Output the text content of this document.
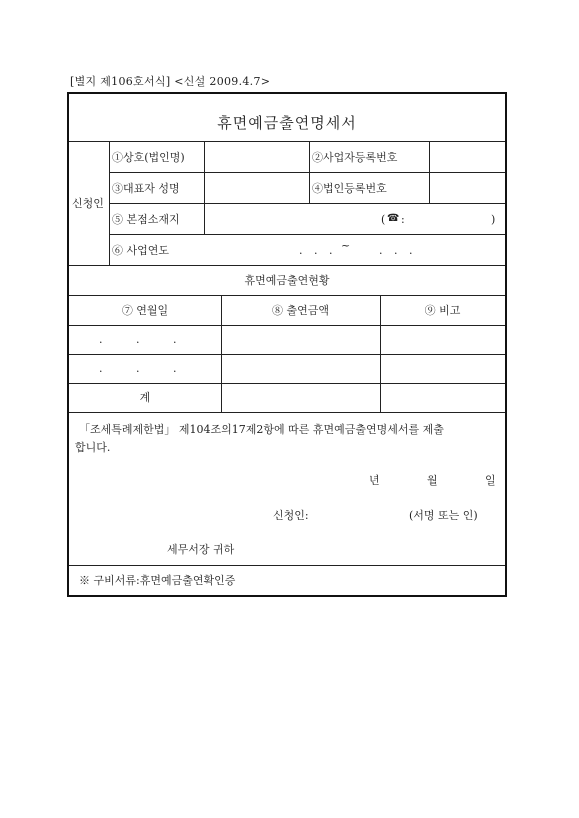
[별지 제106호서식] <신설 2009.4.7>
휴면예금출연명세서
신청인
①상호(법인명)	②사업자등록번호
③대표자 성명	④법인등록번호
⑤ 본점소재지	( ☎ :	)
⑥ 사업연도	. . . ~	. . .
휴면예금출연현황
⑦ 연월일	⑧ 출연금액	⑨ 비고
. . .
. . .
계
「조세특례제한법」 제104조의17제2항에 따른 휴면예금출연명세서를 제출
합니다.
년	월	일
신청인:	(서명 또는 인)
세무서장 귀하
※ 구비서류:휴면예금출연확인증
